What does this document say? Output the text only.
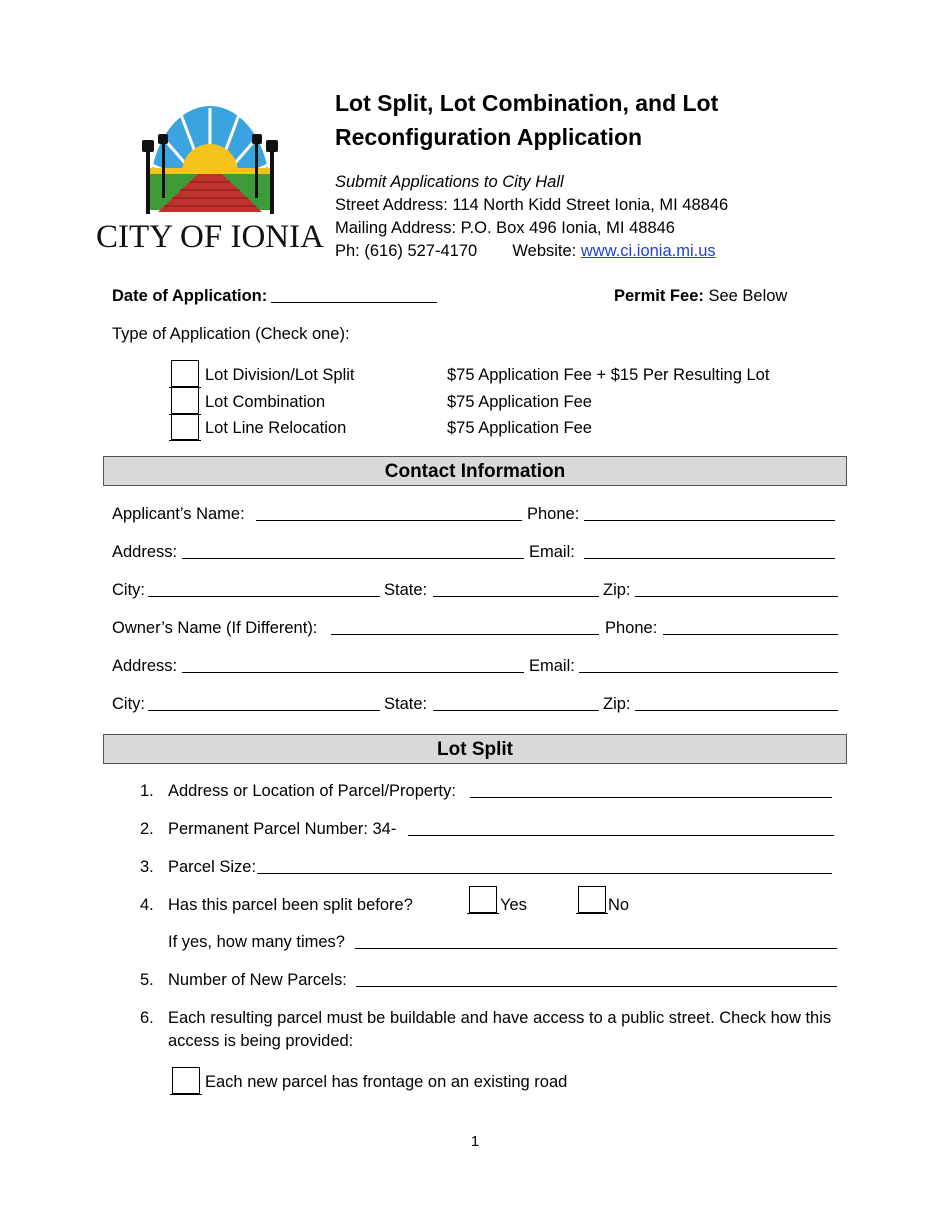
CITY OF IONIA
Lot Split, Lot Combination, and Lot
Reconfiguration Application
Submit Applications to City Hall
Street Address: 114 North Kidd Street Ionia, MI 48846
Mailing Address: P.O. Box 496 Ionia, MI 48846
Ph: (616) 527-4170 Website: www.ci.ionia.mi.us
Date of Application:	Permit Fee: See Below
Type of Application (Check one):
Lot Division/Lot Split	$75 Application Fee + $15 Per Resulting Lot
Lot Combination	$75 Application Fee
Lot Line Relocation	$75 Application Fee
Contact Information
Applicant’s Name:	Phone:
Address:	Email:
City:	State:	Zip:
Owner’s Name (If Different):	Phone:
Address:	Email:
City:	State:	Zip:
Lot Split
1. Address or Location of Parcel/Property:
2. Permanent Parcel Number: 34-
3. Parcel Size:
4. Has this parcel been split before?	Yes	No
If yes, how many times?
5. Number of New Parcels:
6. Each resulting parcel must be buildable and have access to a public street. Check how this
access is being provided:
Each new parcel has frontage on an existing road
1
